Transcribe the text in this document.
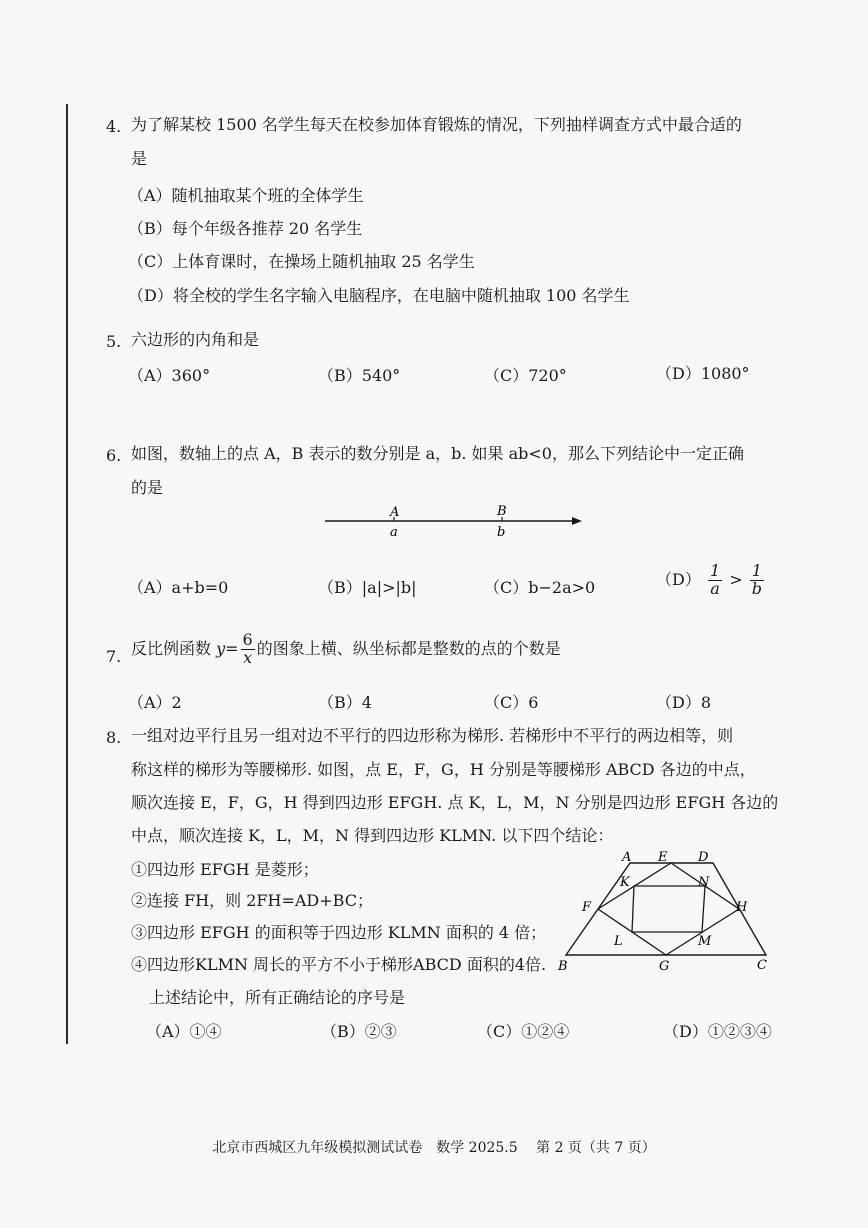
4. 为了解某校 1500 名学生每天在校参加体育锻炼的情况，下列抽样调查方式中最合适的
是
（A）随机抽取某个班的全体学生
（B）每个年级各推荐 20 名学生
（C）上体育课时，在操场上随机抽取 25 名学生
（D）将全校的学生名字输入电脑程序，在电脑中随机抽取 100 名学生
5. 六边形的内角和是
（A）360°	（B）540°	（C）720°	（D）1080°
6. 如图，数轴上的点 A，B 表示的数分别是 a，b. 如果 ab<0，那么下列结论中一定正确
的是
A
a
B
b
（A）a+b=0	（B）|a|>|b|	（C）b−2a>0	$(D) \frac{1}{a} > \frac{1}{b}$
7. 反比例函数 $y= \frac{6}{x}$ 的图象上横、纵坐标都是整数的点的个数是
（A）2	（B）4	（C）6	（D）8
8. 一组对边平行且另一组对边不平行的四边形称为梯形. 若梯形中不平行的两边相等，则
称这样的梯形为等腰梯形. 如图，点 E，F，G，H 分别是等腰梯形 ABCD 各边的中点，
顺次连接 E，F，G，H 得到四边形 EFGH. 点 K，L，M，N 分别是四边形 EFGH 各边的
中点，顺次连接 K，L，M，N 得到四边形 KLMN. 以下四个结论：
①四边形 EFGH 是菱形；
②连接 FH，则 2FH=AD+BC；
③四边形 EFGH 的面积等于四边形 KLMN 面积的 4 倍；
④四边形KLMN 周长的平方不小于梯形ABCD 面积的4倍.
上述结论中，所有正确结论的序号是
A E D
K	N
F	H
L	M
B	G	C
（A）①④	（B）②③	（C）①②④	（D）①②③④
北京市西城区九年级模拟测试试卷　数学 2025.5　 第 2 页（共 7 页）
